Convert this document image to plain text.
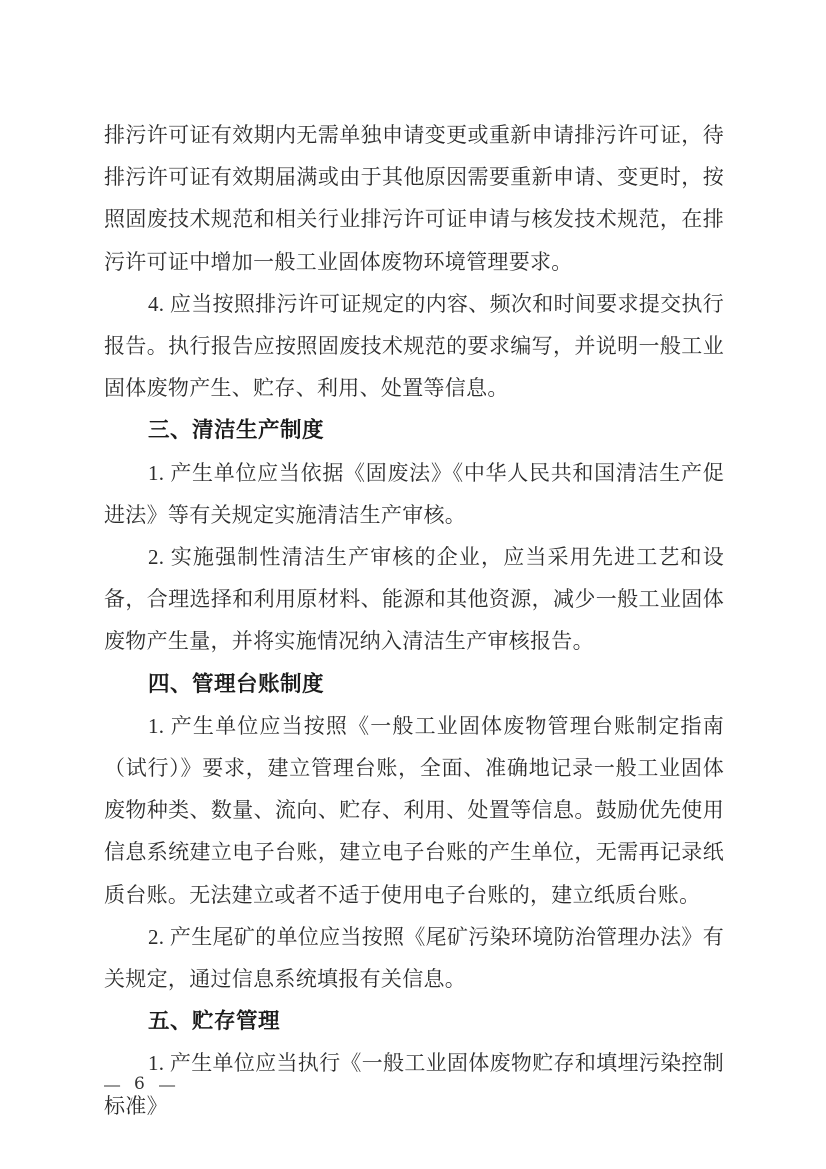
排污许可证有效期内无需单独申请变更或重新申请排污许可证，待排污许可证有效期届满或由于其他原因需要重新申请、变更时，按照固废技术规范和相关行业排污许可证申请与核发技术规范，在排污许可证中增加一般工业固体废物环境管理要求。

4. 应当按照排污许可证规定的内容、频次和时间要求提交执行报告。执行报告应按照固废技术规范的要求编写，并说明一般工业固体废物产生、贮存、利用、处置等信息。

三、清洁生产制度

1. 产生单位应当依据《固废法》《中华人民共和国清洁生产促进法》等有关规定实施清洁生产审核。

2. 实施强制性清洁生产审核的企业，应当采用先进工艺和设备，合理选择和利用原材料、能源和其他资源，减少一般工业固体废物产生量，并将实施情况纳入清洁生产审核报告。

四、管理台账制度

1. 产生单位应当按照《一般工业固体废物管理台账制定指南（试行）》要求，建立管理台账，全面、准确地记录一般工业固体废物种类、数量、流向、贮存、利用、处置等信息。鼓励优先使用信息系统建立电子台账，建立电子台账的产生单位，无需再记录纸质台账。无法建立或者不适于使用电子台账的，建立纸质台账。

2. 产生尾矿的单位应当按照《尾矿污染环境防治管理办法》有关规定，通过信息系统填报有关信息。

五、贮存管理

1. 产生单位应当执行《一般工业固体废物贮存和填埋污染控制标准》

— 6 —
